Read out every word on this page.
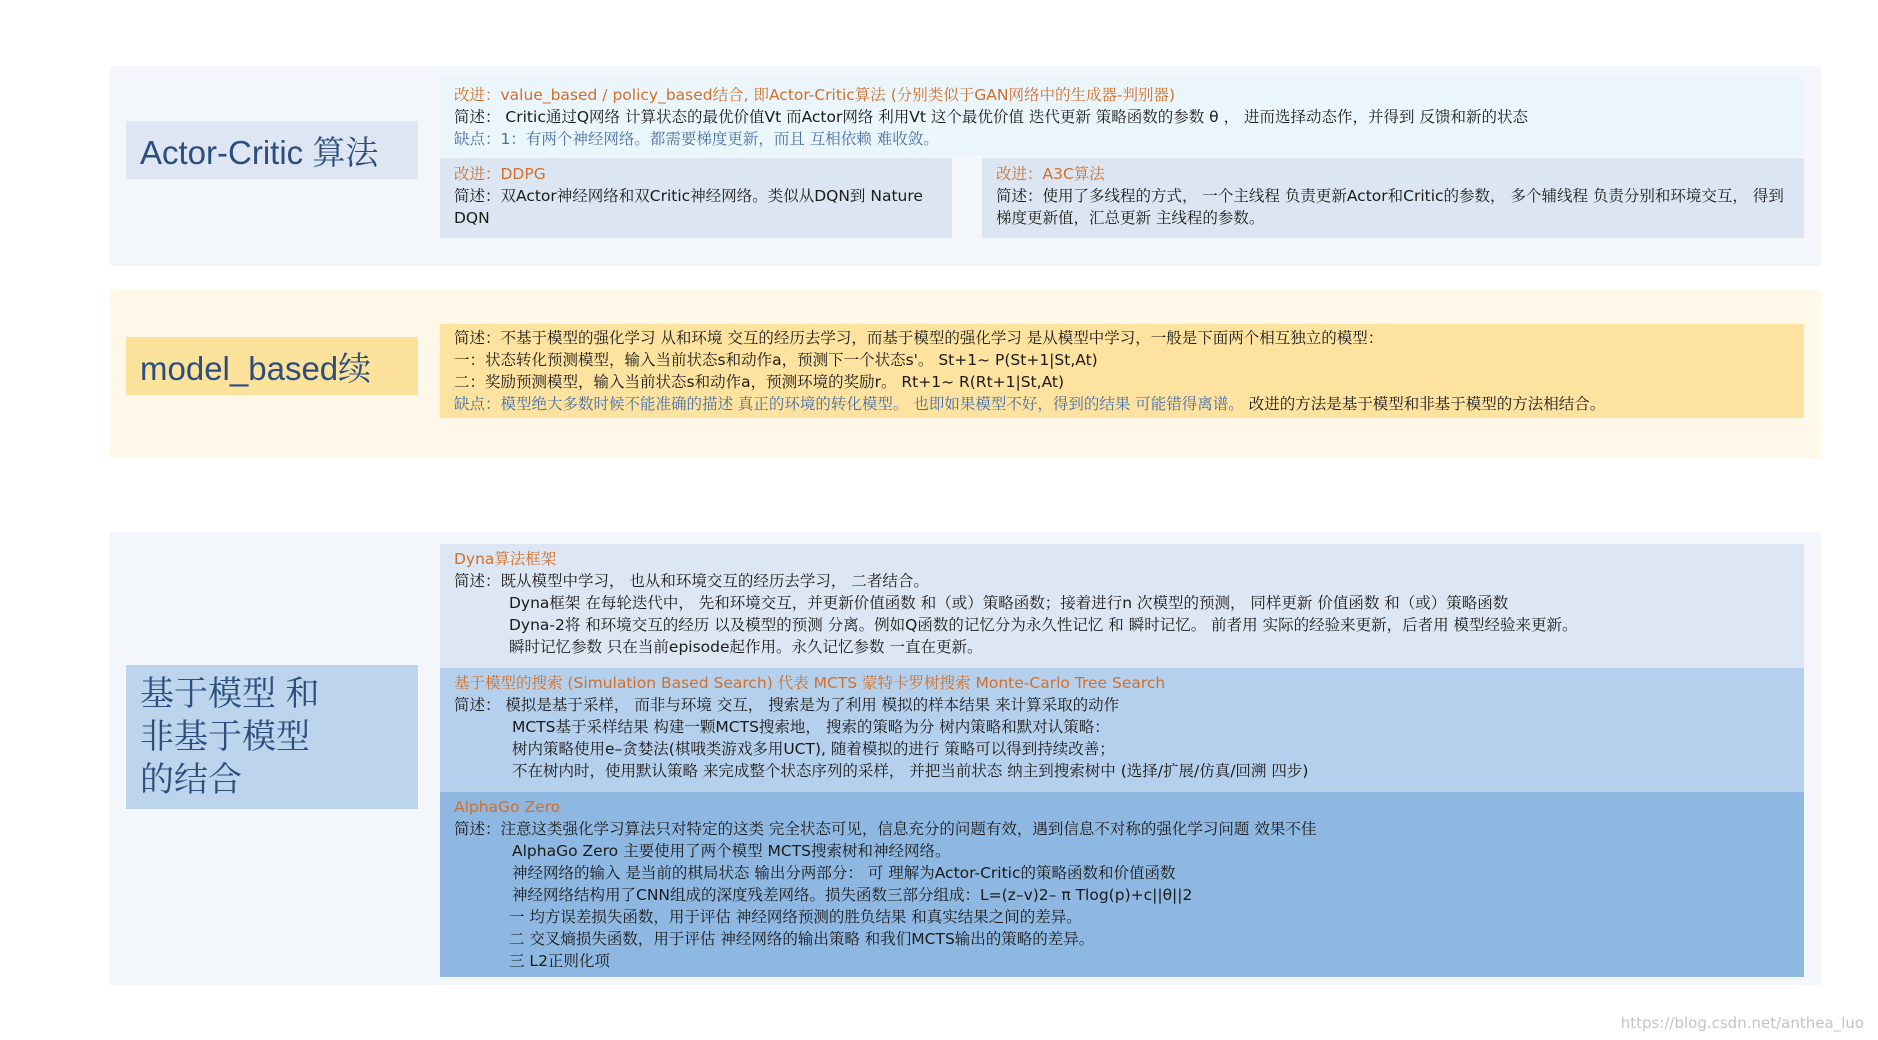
Actor-Critic 算法
改进：value_based / policy_based结合, 即Actor-Critic算法 (分别类似于GAN网络中的生成器-判别器)
简述： Critic通过Q网络 计算状态的最优价值Vt 而Actor网络 利用Vt 这个最优价值 迭代更新 策略函数的参数 θ ， 进而选择动态作，并得到 反馈和新的状态
缺点：1：有两个神经网络。都需要梯度更新，而且 互相依赖 难收敛。
改进：DDPG
简述：双Actor神经网络和双Critic神经网络。类似从DQN到 Nature DQN
改进：A3C算法
简述：使用了多线程的方式， 一个主线程 负责更新Actor和Critic的参数， 多个辅线程 负责分别和环境交互， 得到梯度更新值，汇总更新 主线程的参数。
model_based续
简述：不基于模型的强化学习 从和环境 交互的经历去学习，而基于模型的强化学习 是从模型中学习，一般是下面两个相互独立的模型：
一：状态转化预测模型，输入当前状态s和动作a，预测下一个状态s'。 St+1~ P(St+1|St,At)
二：奖励预测模型，输入当前状态s和动作a，预测环境的奖励r。 Rt+1~ R(Rt+1|St,At)
缺点：模型绝大多数时候不能准确的描述 真正的环境的转化模型。 也即如果模型不好，得到的结果 可能错得离谱。 改进的方法是基于模型和非基于模型的方法相结合。
基于模型 和
非基于模型
的结合
Dyna算法框架
简述：既从模型中学习， 也从和环境交互的经历去学习， 二者结合。
Dyna框架 在每轮迭代中， 先和环境交互，并更新价值函数 和（或）策略函数；接着进行n 次模型的预测， 同样更新 价值函数 和（或）策略函数
Dyna-2将 和环境交互的经历 以及模型的预测 分离。例如Q函数的记忆分为永久性记忆 和 瞬时记忆。 前者用 实际的经验来更新，后者用 模型经验来更新。
瞬时记忆参数 只在当前episode起作用。永久记忆参数 一直在更新。
基于模型的搜索 (Simulation Based Search) 代表 MCTS 蒙特卡罗树搜索 Monte-Carlo Tree Search
简述： 模拟是基于采样， 而非与环境 交互， 搜索是为了利用 模拟的样本结果 来计算采取的动作
MCTS基于采样结果 构建一颗MCTS搜索地， 搜索的策略为分 树内策略和默对认策略：
树内策略使用e–贪婪法(棋哦类游戏多用UCT), 随着模拟的进行 策略可以得到持续改善；
不在树内时，使用默认策略 来完成整个状态序列的采样， 并把当前状态 纳主到搜索树中 (选择/扩展/仿真/回溯 四步)
AlphaGo Zero
简述：注意这类强化学习算法只对特定的这类 完全状态可见，信息充分的问题有效，遇到信息不对称的强化学习问题 效果不佳
AlphaGo Zero 主要使用了两个模型 MCTS搜索树和神经网络。
神经网络的输入 是当前的棋局状态 输出分两部分： 可 理解为Actor-Critic的策略函数和价值函数
神经网络结构用了CNN组成的深度残差网络。损失函数三部分组成：L=(z–v)2– π Tlog(p)+c||θ||2
一 均方误差损失函数，用于评估 神经网络预测的胜负结果 和真实结果之间的差异。
二 交叉熵损失函数，用于评估 神经网络的输出策略 和我们MCTS输出的策略的差异。
三 L2正则化项
https://blog.csdn.net/anthea_luo
